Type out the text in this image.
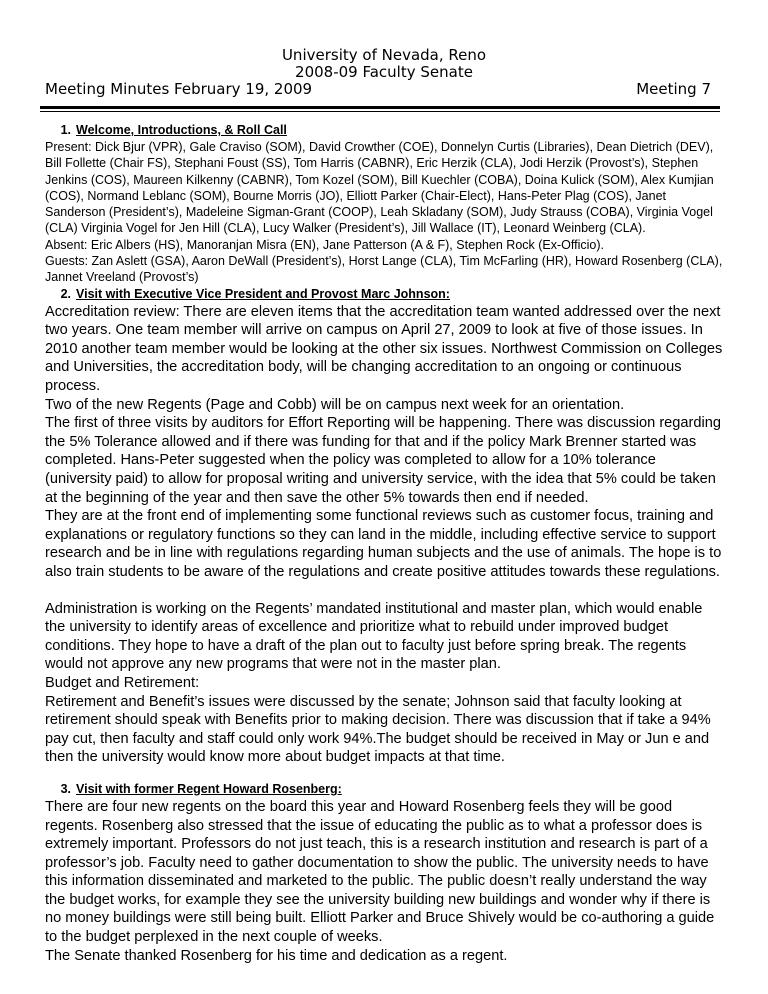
University of Nevada, Reno
2008-09 Faculty Senate
Meeting Minutes February 19, 2009	Meeting 7
1. Welcome, Introductions, & Roll Call
Present: Dick Bjur (VPR), Gale Craviso (SOM), David Crowther (COE), Donnelyn Curtis (Libraries), Dean Dietrich (DEV), Bill Follette (Chair FS), Stephani Foust (SS), Tom Harris (CABNR), Eric Herzik (CLA), Jodi Herzik (Provost’s), Stephen Jenkins (COS), Maureen Kilkenny (CABNR), Tom Kozel (SOM), Bill Kuechler (COBA), Doina Kulick (SOM), Alex Kumjian (COS), Normand Leblanc (SOM), Bourne Morris (JO), Elliott Parker (Chair-Elect), Hans-Peter Plag (COS), Janet Sanderson (President’s), Madeleine Sigman-Grant (COOP), Leah Skladany (SOM), Judy Strauss (COBA), Virginia Vogel (CLA) Virginia Vogel for Jen Hill (CLA), Lucy Walker (President’s), Jill Wallace (IT), Leonard Weinberg (CLA).
Absent: Eric Albers (HS), Manoranjan Misra (EN), Jane Patterson (A & F), Stephen Rock (Ex-Officio).
Guests: Zan Aslett (GSA), Aaron DeWall (President’s), Horst Lange (CLA), Tim McFarling (HR), Howard Rosenberg (CLA), Jannet Vreeland (Provost’s)
2. Visit with Executive Vice President and Provost Marc Johnson:
Accreditation review: There are eleven items that the accreditation team wanted addressed over the next two years. One team member will arrive on campus on April 27, 2009 to look at five of those issues. In 2010 another team member would be looking at the other six issues. Northwest Commission on Colleges and Universities, the accreditation body, will be changing accreditation to an ongoing or continuous process.
Two of the new Regents (Page and Cobb) will be on campus next week for an orientation.
The first of three visits by auditors for Effort Reporting will be happening. There was discussion regarding the 5% Tolerance allowed and if there was funding for that and if the policy Mark Brenner started was completed. Hans-Peter suggested when the policy was completed to allow for a 10% tolerance (university paid) to allow for proposal writing and university service, with the idea that 5% could be taken at the beginning of the year and then save the other 5% towards then end if needed.
They are at the front end of implementing some functional reviews such as customer focus, training and explanations or regulatory functions so they can land in the middle, including effective service to support research and be in line with regulations regarding human subjects and the use of animals. The hope is to also train students to be aware of the regulations and create positive attitudes towards these regulations.
Administration is working on the Regents’ mandated institutional and master plan, which would enable the university to identify areas of excellence and prioritize what to rebuild under improved budget conditions. They hope to have a draft of the plan out to faculty just before spring break. The regents would not approve any new programs that were not in the master plan.
Budget and Retirement:
Retirement and Benefit’s issues were discussed by the senate; Johnson said that faculty looking at retirement should speak with Benefits prior to making decision. There was discussion that if take a 94% pay cut, then faculty and staff could only work 94%.The budget should be received in May or Jun e and then the university would know more about budget impacts at that time.
3. Visit with former Regent Howard Rosenberg:
There are four new regents on the board this year and Howard Rosenberg feels they will be good regents. Rosenberg also stressed that the issue of educating the public as to what a professor does is extremely important. Professors do not just teach, this is a research institution and research is part of a professor’s job. Faculty need to gather documentation to show the public. The university needs to have this information disseminated and marketed to the public. The public doesn’t really understand the way the budget works, for example they see the university building new buildings and wonder why if there is no money buildings were still being built. Elliott Parker and Bruce Shively would be co-authoring a guide to the budget perplexed in the next couple of weeks.
The Senate thanked Rosenberg for his time and dedication as a regent.
